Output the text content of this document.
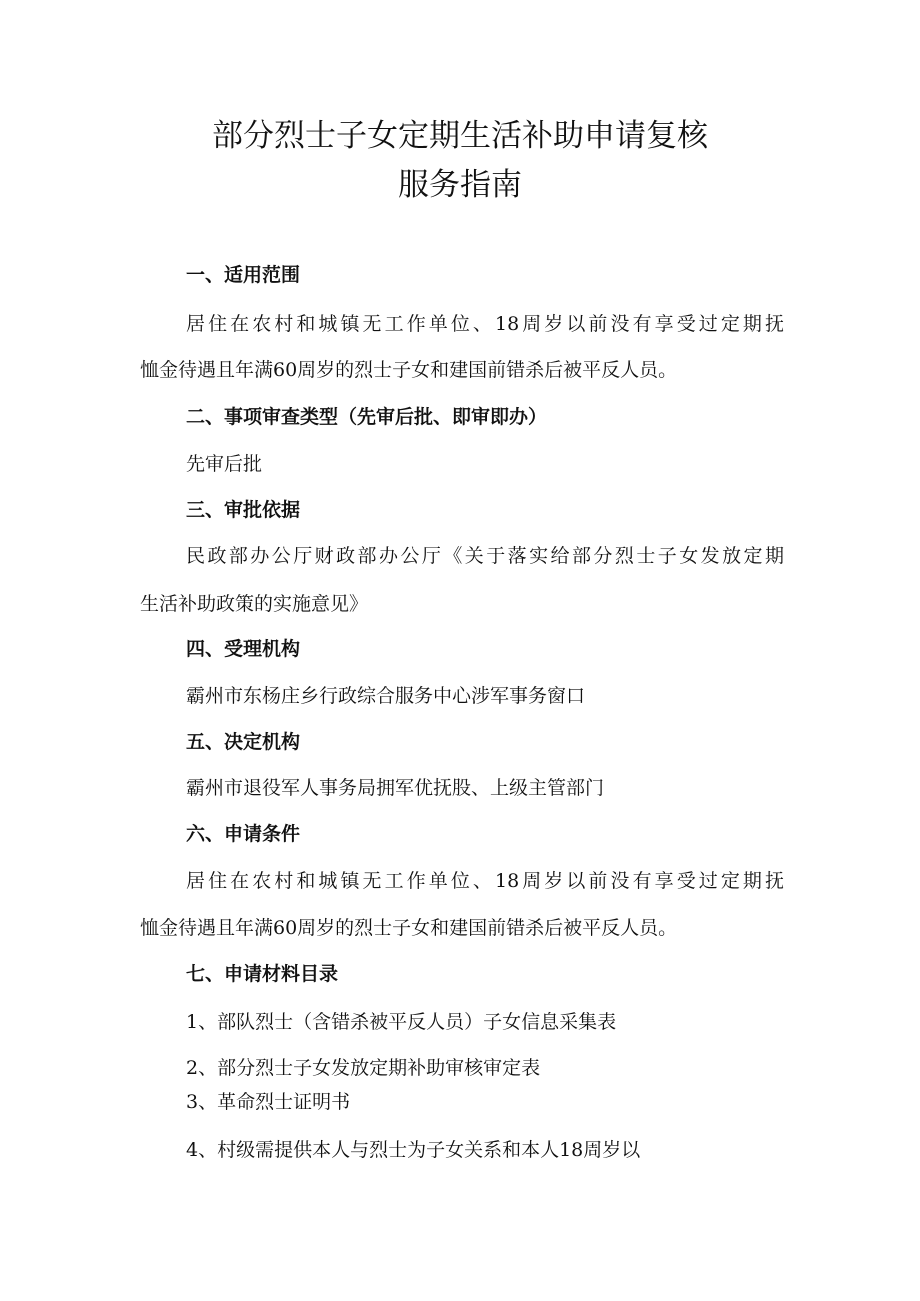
部分烈士子女定期生活补助申请复核
服务指南

一、适用范围

居住在农村和城镇无工作单位、18周岁以前没有享受过定期抚

恤金待遇且年满60周岁的烈士子女和建国前错杀后被平反人员。

二、事项审查类型（先审后批、即审即办）

先审后批

三、审批依据

民政部办公厅财政部办公厅《关于落实给部分烈士子女发放定期

生活补助政策的实施意见》

四、受理机构

霸州市东杨庄乡行政综合服务中心涉军事务窗口

五、决定机构

霸州市退役军人事务局拥军优抚股、上级主管部门

六、申请条件

居住在农村和城镇无工作单位、18周岁以前没有享受过定期抚

恤金待遇且年满60周岁的烈士子女和建国前错杀后被平反人员。

七、申请材料目录

1、部队烈士（含错杀被平反人员）子女信息采集表

2、部分烈士子女发放定期补助审核审定表

3、革命烈士证明书

4、村级需提供本人与烈士为子女关系和本人18周岁以
